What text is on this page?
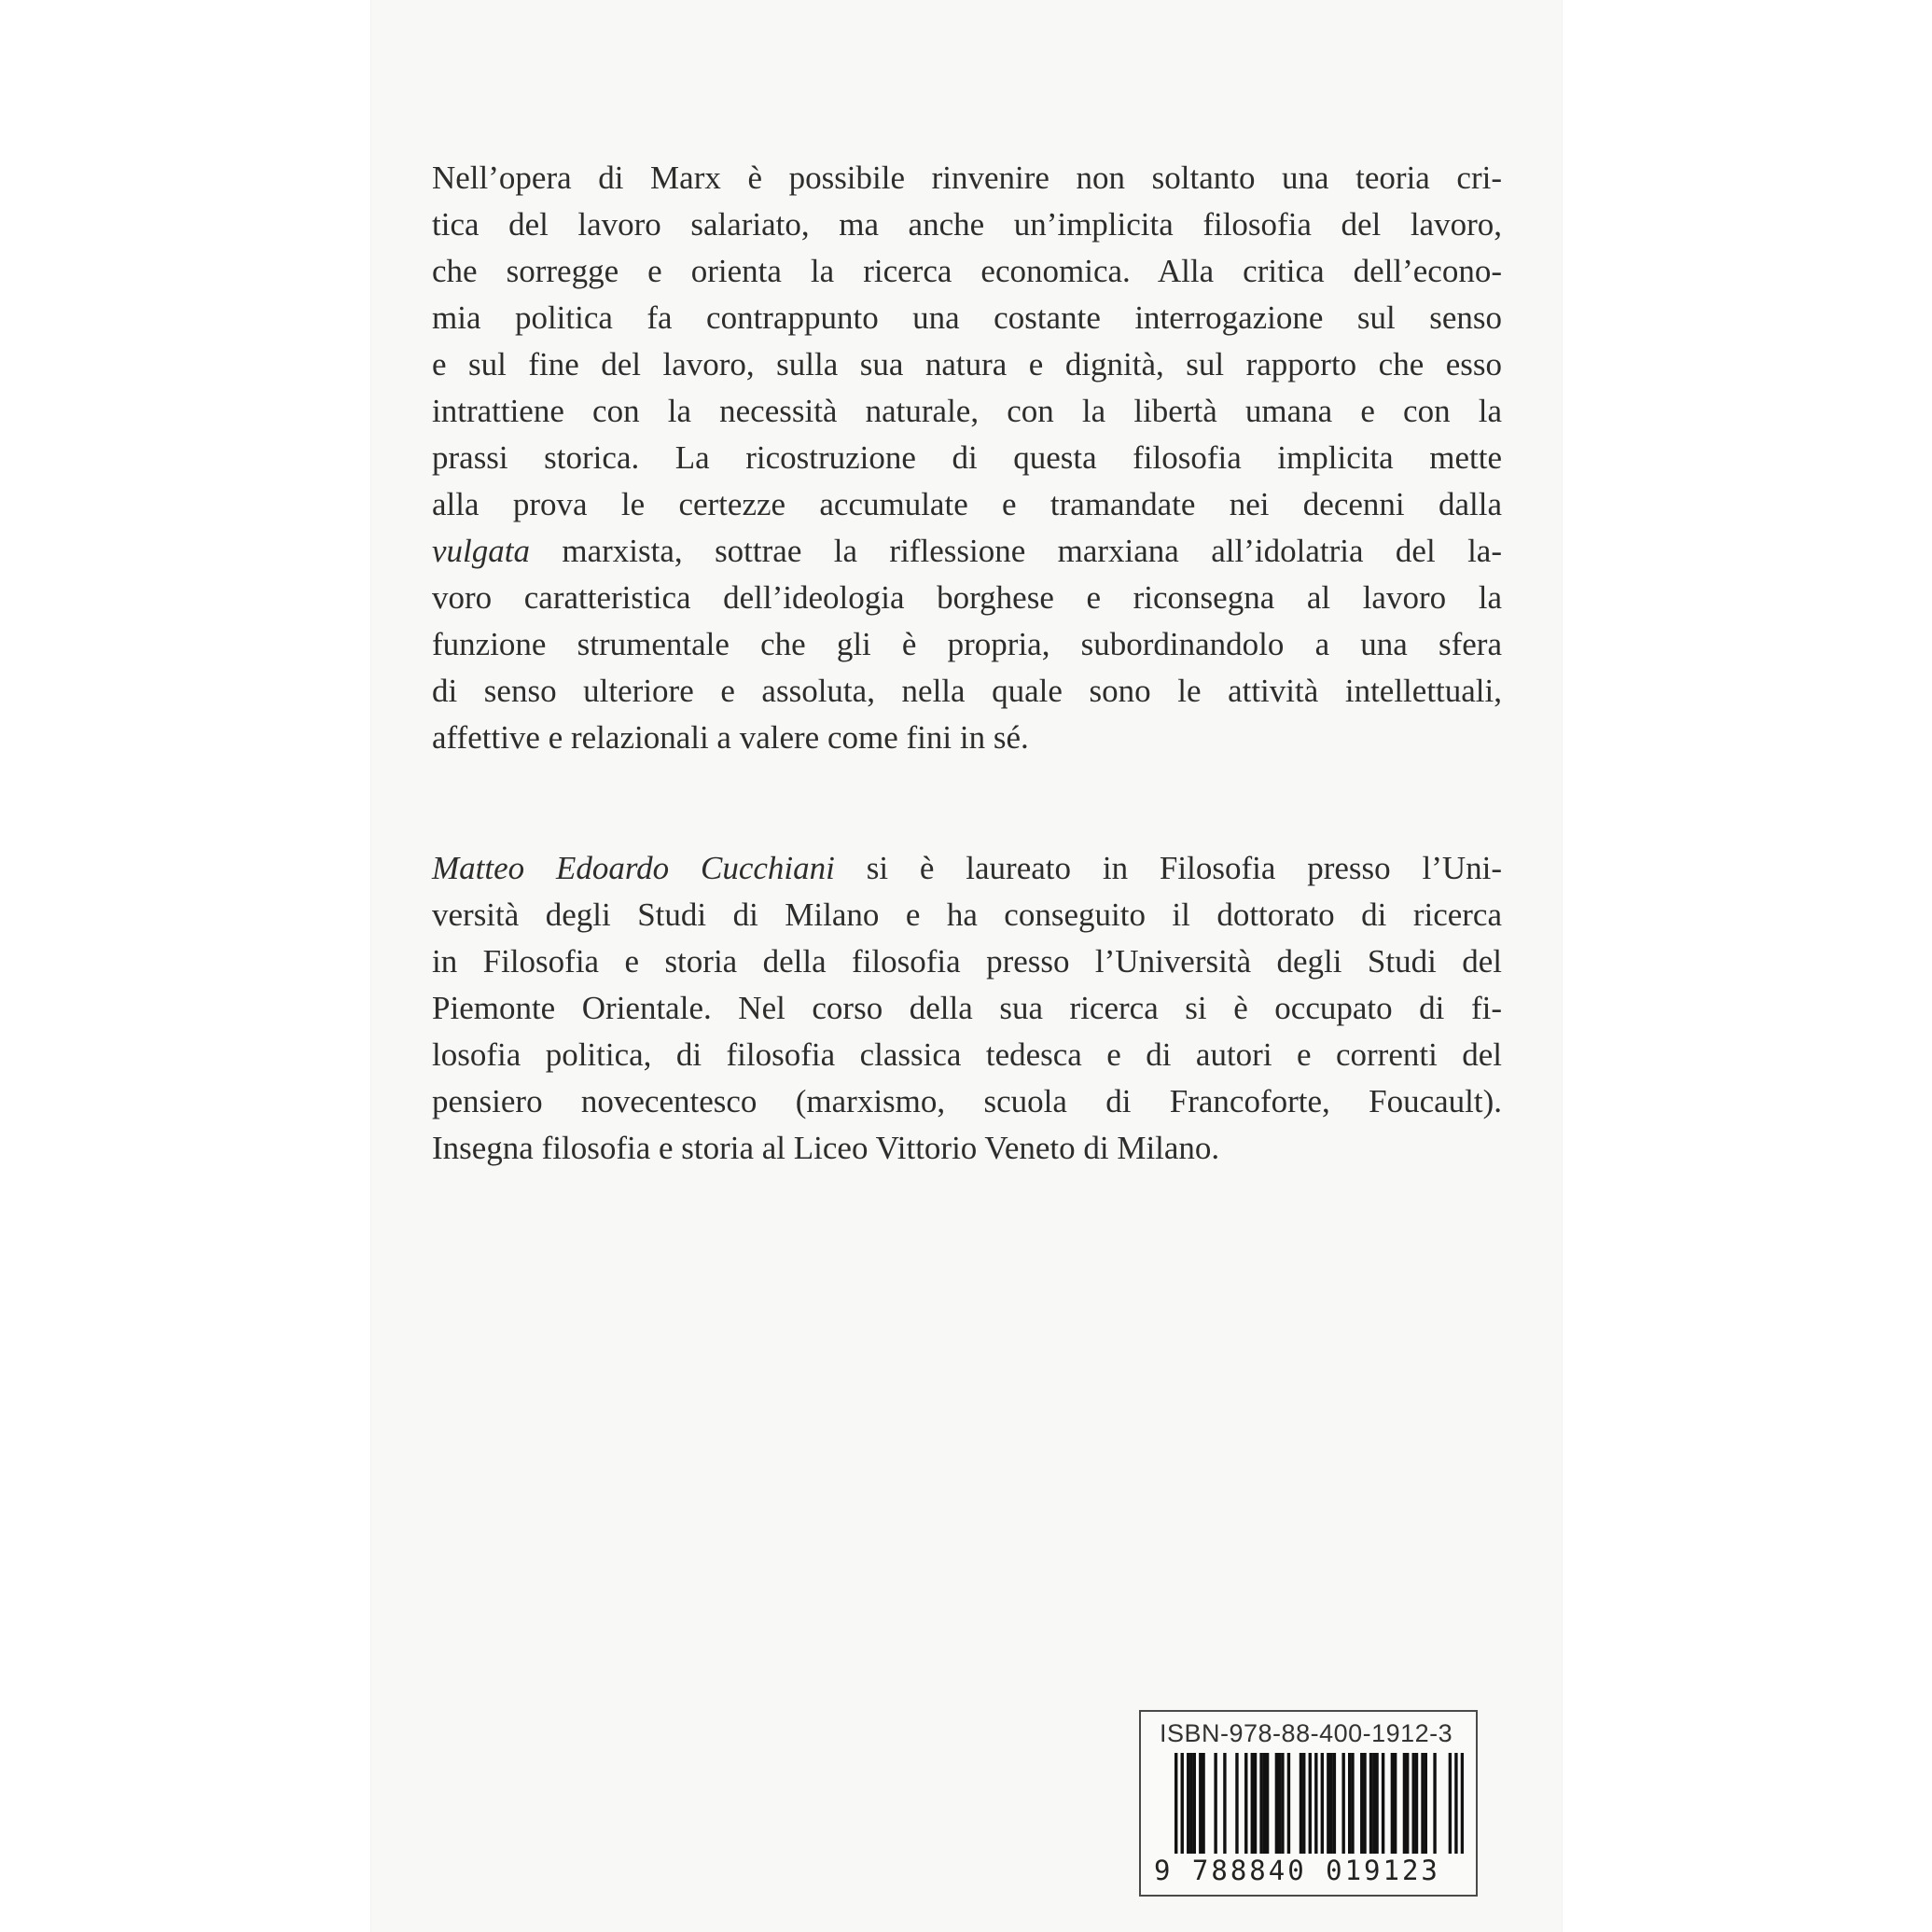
Nell’opera di Marx è possibile rinvenire non soltanto una teoria cri-
tica del lavoro salariato, ma anche un’implicita filosofia del lavoro,
che sorregge e orienta la ricerca economica. Alla critica dell’econo-
mia politica fa contrappunto una costante interrogazione sul senso
e sul fine del lavoro, sulla sua natura e dignità, sul rapporto che esso
intrattiene con la necessità naturale, con la libertà umana e con la
prassi storica. La ricostruzione di questa filosofia implicita mette
alla prova le certezze accumulate e tramandate nei decenni dalla
vulgata marxista, sottrae la riflessione marxiana all’idolatria del la-
voro caratteristica dell’ideologia borghese e riconsegna al lavoro la
funzione strumentale che gli è propria, subordinandolo a una sfera
di senso ulteriore e assoluta, nella quale sono le attività intellettuali,
affettive e relazionali a valere come fini in sé.
Matteo Edoardo Cucchiani si è laureato in Filosofia presso l’Uni-
versità degli Studi di Milano e ha conseguito il dottorato di ricerca
in Filosofia e storia della filosofia presso l’Università degli Studi del
Piemonte Orientale. Nel corso della sua ricerca si è occupato di fi-
losofia politica, di filosofia classica tedesca e di autori e correnti del
pensiero novecentesco (marxismo, scuola di Francoforte, Foucault).
Insegna filosofia e storia al Liceo Vittorio Veneto di Milano.
ISBN-978-88-400-1912-3
9 788840 019123
